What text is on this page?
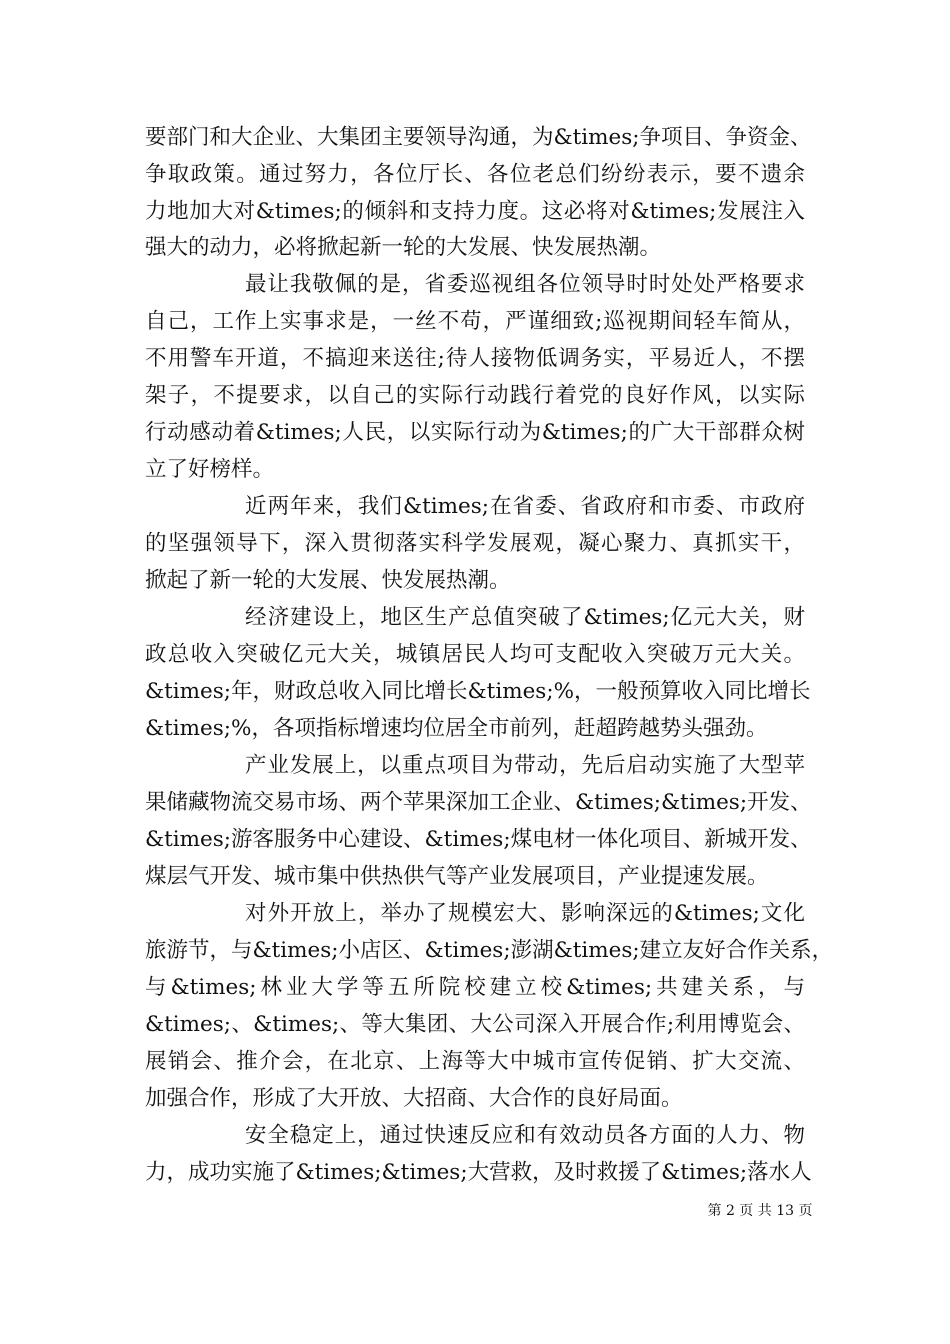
要部门和大企业、大集团主要领导沟通，为&times;争项目、争资金、
争取政策。通过努力，各位厅长、各位老总们纷纷表示，要不遗余
力地加大对&times;的倾斜和支持力度。这必将对&times;发展注入
强大的动力，必将掀起新一轮的大发展、快发展热潮。
最让我敬佩的是，省委巡视组各位领导时时处处严格要求
自己，工作上实事求是，一丝不苟，严谨细致;巡视期间轻车简从，
不用警车开道，不搞迎来送往;待人接物低调务实，平易近人，不摆
架子，不提要求，以自己的实际行动践行着党的良好作风，以实际
行动感动着&times;人民，以实际行动为&times;的广大干部群众树
立了好榜样。
近两年来，我们&times;在省委、省政府和市委、市政府
的坚强领导下，深入贯彻落实科学发展观，凝心聚力、真抓实干，
掀起了新一轮的大发展、快发展热潮。
经济建设上，地区生产总值突破了&times;亿元大关，财
政总收入突破亿元大关，城镇居民人均可支配收入突破万元大关。
&times;年，财政总收入同比增长&times;%，一般预算收入同比增长
&times;%，各项指标增速均位居全市前列，赶超跨越势头强劲。
产业发展上，以重点项目为带动，先后启动实施了大型苹
果储藏物流交易市场、两个苹果深加工企业、&times;&times;开发、
&times;游客服务中心建设、&times;煤电材一体化项目、新城开发、
煤层气开发、城市集中供热供气等产业发展项目，产业提速发展。
对外开放上，举办了规模宏大、影响深远的&times;文化
旅游节，与&times;小店区、&times;澎湖&times;建立友好合作关系，
与&times;林业大学等五所院校建立校&times;共建关系，与
&times;、&times;、等大集团、大公司深入开展合作;利用博览会、
展销会、推介会，在北京、上海等大中城市宣传促销、扩大交流、
加强合作，形成了大开放、大招商、大合作的良好局面。
安全稳定上，通过快速反应和有效动员各方面的人力、物
力，成功实施了&times;&times;大营救，及时救援了&times;落水人
第 2 页 共 13 页
